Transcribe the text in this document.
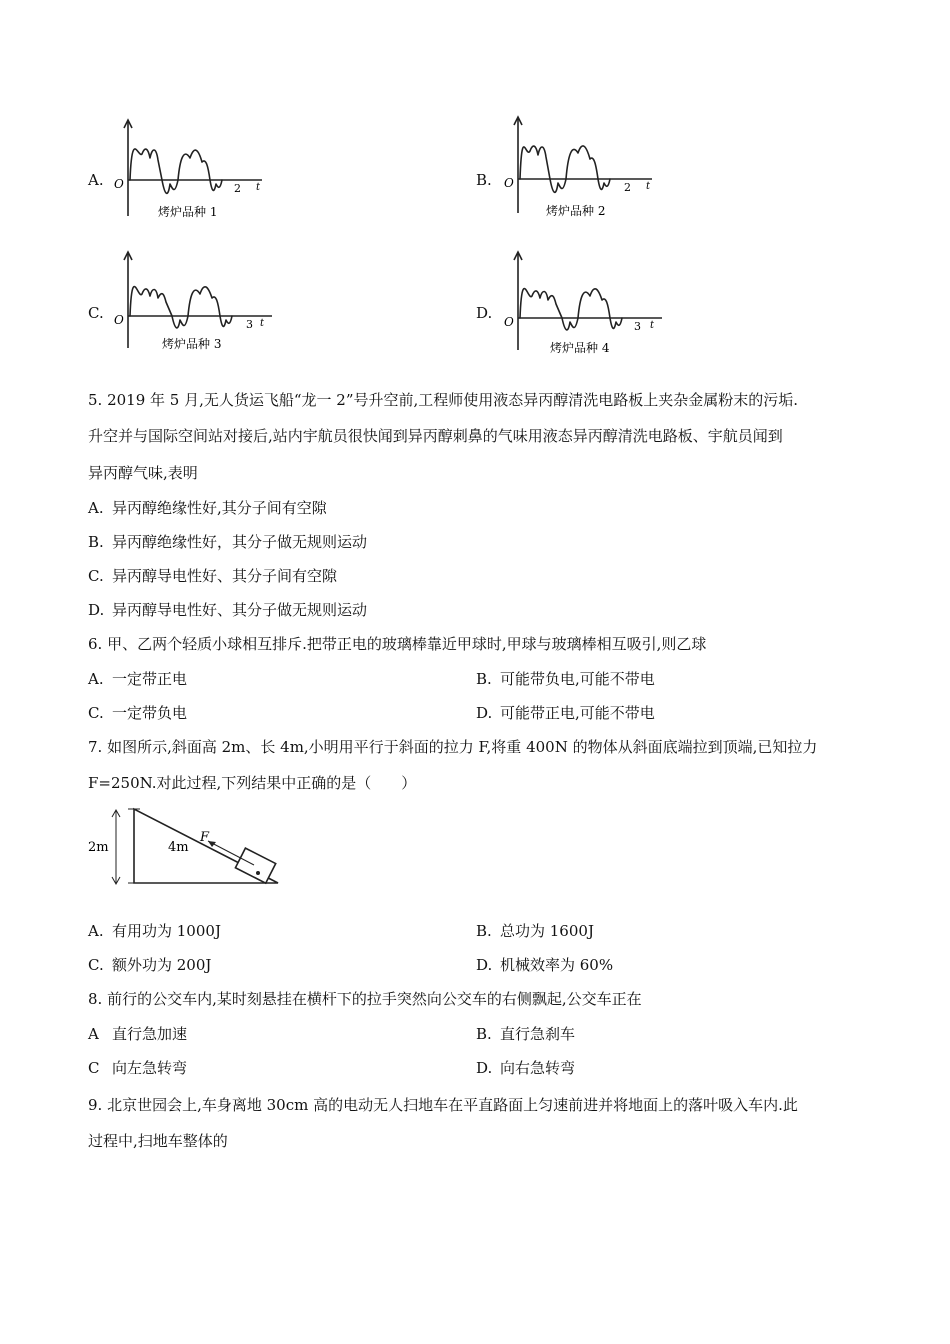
A. O	2 t
烤炉品种 1
B. O	2 t
烤炉品种 2
C. O	3 t
烤炉品种 3
D. O	3 t
烤炉品种 4
5. 2019 年 5 月,无人货运飞船“龙一 2”号升空前,工程师使用液态异丙醇清洗电路板上夹杂金属粉末的污垢.
升空并与国际空间站对接后,站内宇航员很快闻到异丙醇刺鼻的气味用液态异丙醇清洗电路板、宇航员闻到
异丙醇气味,表明
A. 异丙醇绝缘性好,其分子间有空隙
B. 异丙醇绝缘性好，其分子做无规则运动
C. 异丙醇导电性好、其分子间有空隙
D. 异丙醇导电性好、其分子做无规则运动
6. 甲、乙两个轻质小球相互排斥.把带正电的玻璃棒靠近甲球时,甲球与玻璃棒相互吸引,则乙球
A. 一定带正电	B. 可能带负电,可能不带电
C. 一定带负电	D. 可能带正电,可能不带电
7. 如图所示,斜面高 2m、长 4m,小明用平行于斜面的拉力 F,将重 400N 的物体从斜面底端拉到顶端,已知拉力
F=250N.对此过程,下列结果中正确的是（　　）
2m	4m
F
A. 有用功为 1000J	B. 总功为 1600J
C. 额外功为 200J	D. 机械效率为 60%
8. 前行的公交车内,某时刻悬挂在横杆下的拉手突然向公交车的右侧飘起,公交车正在
A 直行急加速	B. 直行急刹车
C 向左急转弯	D. 向右急转弯
9. 北京世园会上,车身离地 30cm 高的电动无人扫地车在平直路面上匀速前进并将地面上的落叶吸入车内.此
过程中,扫地车整体的
